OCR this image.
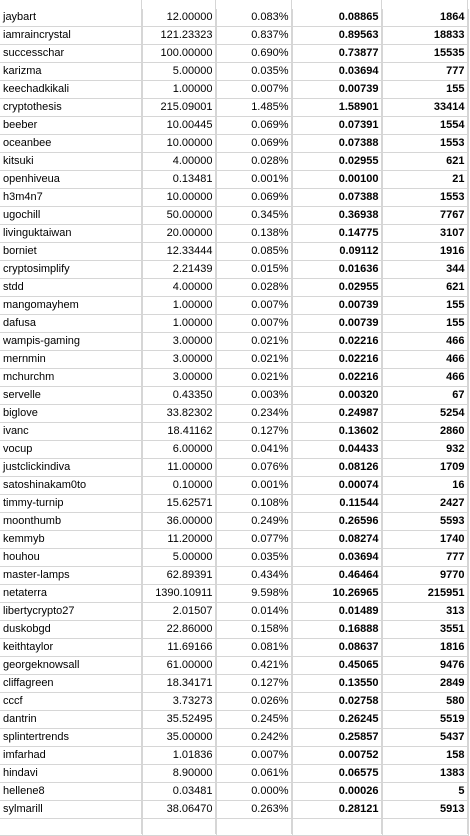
jaybart	12.00000	0.083%	0.08865	1864
iamraincrystal	121.23323	0.837%	0.89563	18833
successchar	100.00000	0.690%	0.73877	15535
karizma	5.00000	0.035%	0.03694	777
keechadkikali	1.00000	0.007%	0.00739	155
cryptothesis	215.09001	1.485%	1.58901	33414
beeber	10.00445	0.069%	0.07391	1554
oceanbee	10.00000	0.069%	0.07388	1553
kitsuki	4.00000	0.028%	0.02955	621
openhiveua	0.13481	0.001%	0.00100	21
h3m4n7	10.00000	0.069%	0.07388	1553
ugochill	50.00000	0.345%	0.36938	7767
livinguktaiwan	20.00000	0.138%	0.14775	3107
borniet	12.33444	0.085%	0.09112	1916
cryptosimplify	2.21439	0.015%	0.01636	344
stdd	4.00000	0.028%	0.02955	621
mangomayhem	1.00000	0.007%	0.00739	155
dafusa	1.00000	0.007%	0.00739	155
wampis-gaming	3.00000	0.021%	0.02216	466
mernmin	3.00000	0.021%	0.02216	466
mchurchm	3.00000	0.021%	0.02216	466
servelle	0.43350	0.003%	0.00320	67
biglove	33.82302	0.234%	0.24987	5254
ivanc	18.41162	0.127%	0.13602	2860
vocup	6.00000	0.041%	0.04433	932
justclickindiva	11.00000	0.076%	0.08126	1709
satoshinakam0to	0.10000	0.001%	0.00074	16
timmy-turnip	15.62571	0.108%	0.11544	2427
moonthumb	36.00000	0.249%	0.26596	5593
kemmyb	11.20000	0.077%	0.08274	1740
houhou	5.00000	0.035%	0.03694	777
master-lamps	62.89391	0.434%	0.46464	9770
netaterra	1390.10911	9.598%	10.26965	215951
libertycrypto27	2.01507	0.014%	0.01489	313
duskobgd	22.86000	0.158%	0.16888	3551
keithtaylor	11.69166	0.081%	0.08637	1816
georgeknowsall	61.00000	0.421%	0.45065	9476
cliffagreen	18.34171	0.127%	0.13550	2849
cccf	3.73273	0.026%	0.02758	580
dantrin	35.52495	0.245%	0.26245	5519
splintertrends	35.00000	0.242%	0.25857	5437
imfarhad	1.01836	0.007%	0.00752	158
hindavi	8.90000	0.061%	0.06575	1383
hellene8	0.03481	0.000%	0.00026	5
sylmarill	38.06470	0.263%	0.28121	5913
